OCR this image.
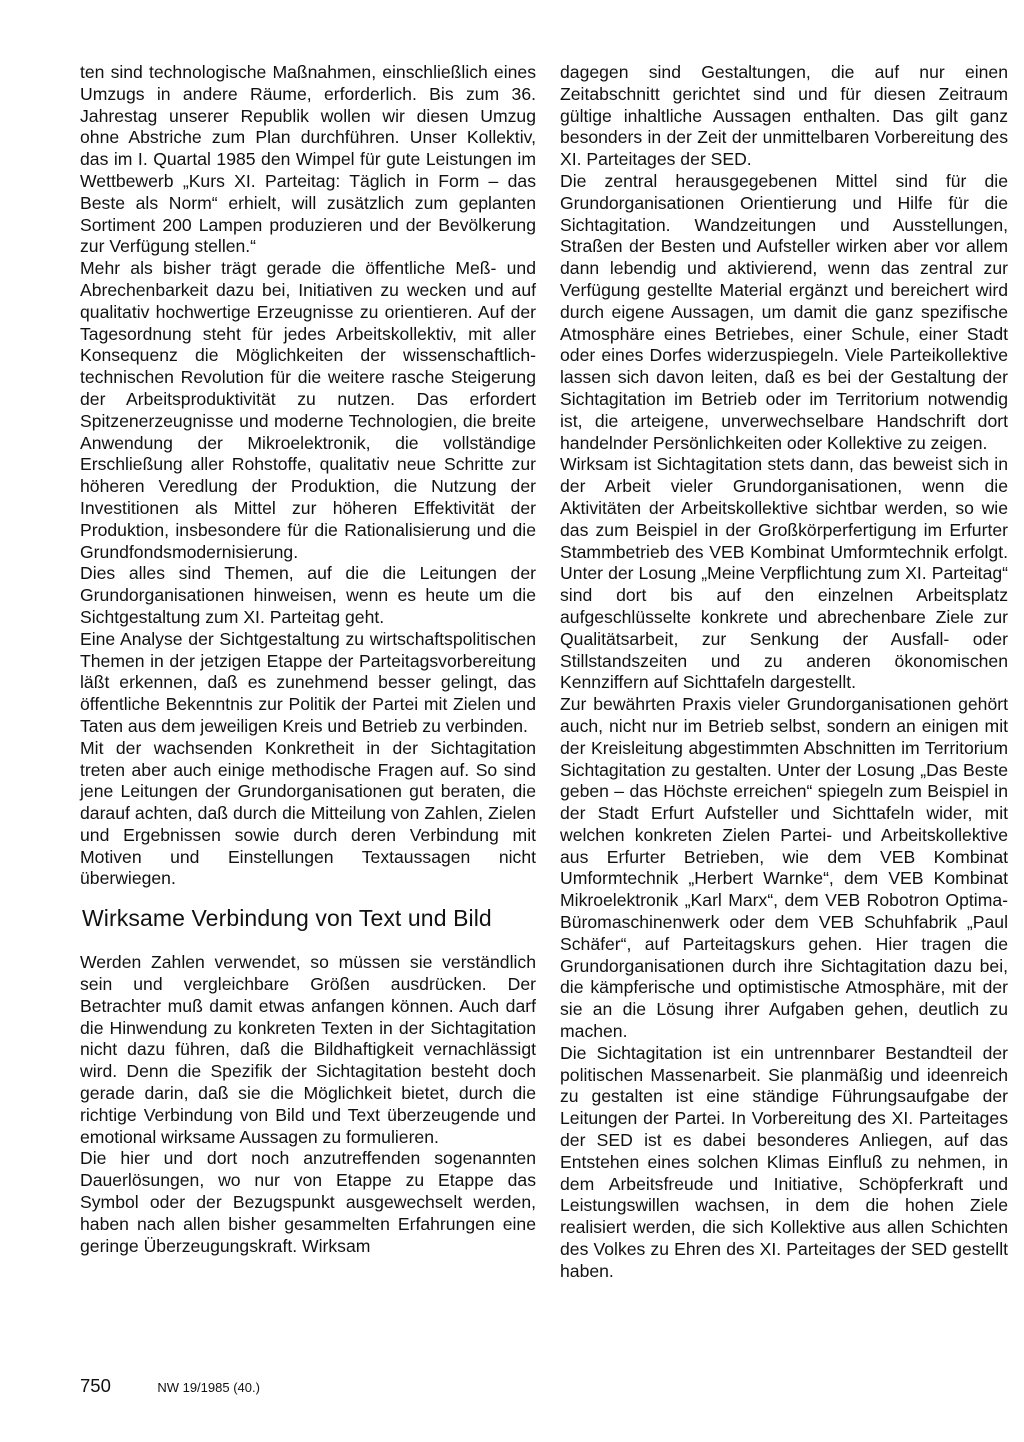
ten sind technologische Maßnahmen, einschließlich eines Umzugs in andere Räume, erforderlich. Bis zum 36. Jahrestag unserer Republik wollen wir diesen Umzug ohne Abstriche zum Plan durchführen. Unser Kollektiv, das im I. Quartal 1985 den Wimpel für gute Leistungen im Wettbewerb „Kurs XI. Parteitag: Täglich in Form – das Beste als Norm“ erhielt, will zusätzlich zum geplanten Sortiment 200 Lampen produzieren und der Bevölkerung zur Verfügung stellen.“

Mehr als bisher trägt gerade die öffentliche Meß- und Abrechenbarkeit dazu bei, Initiativen zu wecken und auf qualitativ hochwertige Erzeugnisse zu orientieren. Auf der Tagesordnung steht für jedes Arbeitskollektiv, mit aller Konsequenz die Möglichkeiten der wissenschaftlich-technischen Revolution für die weitere rasche Steigerung der Arbeitsproduktivität zu nutzen. Das erfordert Spitzenerzeugnisse und moderne Technologien, die breite Anwendung der Mikroelektronik, die vollständige Erschließung aller Rohstoffe, qualitativ neue Schritte zur höheren Veredlung der Produktion, die Nutzung der Investitionen als Mittel zur höheren Effektivität der Produktion, insbesondere für die Rationalisierung und die Grundfondsmodernisierung.

Dies alles sind Themen, auf die die Leitungen der Grundorganisationen hinweisen, wenn es heute um die Sichtgestaltung zum XI. Parteitag geht.

Eine Analyse der Sichtgestaltung zu wirtschaftspolitischen Themen in der jetzigen Etappe der Parteitagsvorbereitung läßt erkennen, daß es zunehmend besser gelingt, das öffentliche Bekenntnis zur Politik der Partei mit Zielen und Taten aus dem jeweiligen Kreis und Betrieb zu verbinden.

Mit der wachsenden Konkretheit in der Sichtagitation treten aber auch einige methodische Fragen auf. So sind jene Leitungen der Grundorganisationen gut beraten, die darauf achten, daß durch die Mitteilung von Zahlen, Zielen und Ergebnissen sowie durch deren Verbindung mit Motiven und Einstellungen Textaussagen nicht überwiegen.

Wirksame Verbindung von Text und Bild

Werden Zahlen verwendet, so müssen sie verständlich sein und vergleichbare Größen ausdrücken. Der Betrachter muß damit etwas anfangen können. Auch darf die Hinwendung zu konkreten Texten in der Sichtagitation nicht dazu führen, daß die Bildhaftigkeit vernachlässigt wird. Denn die Spezifik der Sichtagitation besteht doch gerade darin, daß sie die Möglichkeit bietet, durch die richtige Verbindung von Bild und Text überzeugende und emotional wirksame Aussagen zu formulieren.

Die hier und dort noch anzutreffenden sogenannten Dauerlösungen, wo nur von Etappe zu Etappe das Symbol oder der Bezugspunkt ausgewechselt werden, haben nach allen bisher gesammelten Erfahrungen eine geringe Überzeugungskraft. Wirksam

dagegen sind Gestaltungen, die auf nur einen Zeitabschnitt gerichtet sind und für diesen Zeitraum gültige inhaltliche Aussagen enthalten. Das gilt ganz besonders in der Zeit der unmittelbaren Vorbereitung des XI. Parteitages der SED.

Die zentral herausgegebenen Mittel sind für die Grundorganisationen Orientierung und Hilfe für die Sichtagitation. Wandzeitungen und Ausstellungen, Straßen der Besten und Aufsteller wirken aber vor allem dann lebendig und aktivierend, wenn das zentral zur Verfügung gestellte Material ergänzt und bereichert wird durch eigene Aussagen, um damit die ganz spezifische Atmosphäre eines Betriebes, einer Schule, einer Stadt oder eines Dorfes widerzuspiegeln. Viele Parteikollektive lassen sich davon leiten, daß es bei der Gestaltung der Sichtagitation im Betrieb oder im Territorium notwendig ist, die arteigene, unverwechselbare Handschrift dort handelnder Persönlichkeiten oder Kollektive zu zeigen.

Wirksam ist Sichtagitation stets dann, das beweist sich in der Arbeit vieler Grundorganisationen, wenn die Aktivitäten der Arbeitskollektive sichtbar werden, so wie das zum Beispiel in der Großkörperfertigung im Erfurter Stammbetrieb des VEB Kombinat Umformtechnik erfolgt. Unter der Losung „Meine Verpflichtung zum XI. Parteitag“ sind dort bis auf den einzelnen Arbeitsplatz aufgeschlüsselte konkrete und abrechenbare Ziele zur Qualitätsarbeit, zur Senkung der Ausfall- oder Stillstandszeiten und zu anderen ökonomischen Kennziffern auf Sichttafeln dargestellt.

Zur bewährten Praxis vieler Grundorganisationen gehört auch, nicht nur im Betrieb selbst, sondern an einigen mit der Kreisleitung abgestimmten Abschnitten im Territorium Sichtagitation zu gestalten. Unter der Losung „Das Beste geben – das Höchste erreichen“ spiegeln zum Beispiel in der Stadt Erfurt Aufsteller und Sichttafeln wider, mit welchen konkreten Zielen Partei- und Arbeitskollektive aus Erfurter Betrieben, wie dem VEB Kombinat Umformtechnik „Herbert Warnke“, dem VEB Kombinat Mikroelektronik „Karl Marx“, dem VEB Robotron Optima-Büromaschinenwerk oder dem VEB Schuhfabrik „Paul Schäfer“, auf Parteitagskurs gehen. Hier tragen die Grundorganisationen durch ihre Sichtagitation dazu bei, die kämpferische und optimistische Atmosphäre, mit der sie an die Lösung ihrer Aufgaben gehen, deutlich zu machen.

Die Sichtagitation ist ein untrennbarer Bestandteil der politischen Massenarbeit. Sie planmäßig und ideenreich zu gestalten ist eine ständige Führungsaufgabe der Leitungen der Partei. In Vorbereitung des XI. Parteitages der SED ist es dabei besonderes Anliegen, auf das Entstehen eines solchen Klimas Einfluß zu nehmen, in dem Arbeitsfreude und Initiative, Schöpferkraft und Leistungswillen wachsen, in dem die hohen Ziele realisiert werden, die sich Kollektive aus allen Schichten des Volkes zu Ehren des XI. Parteitages der SED gestellt haben.

750	NW 19/1985 (40.)
